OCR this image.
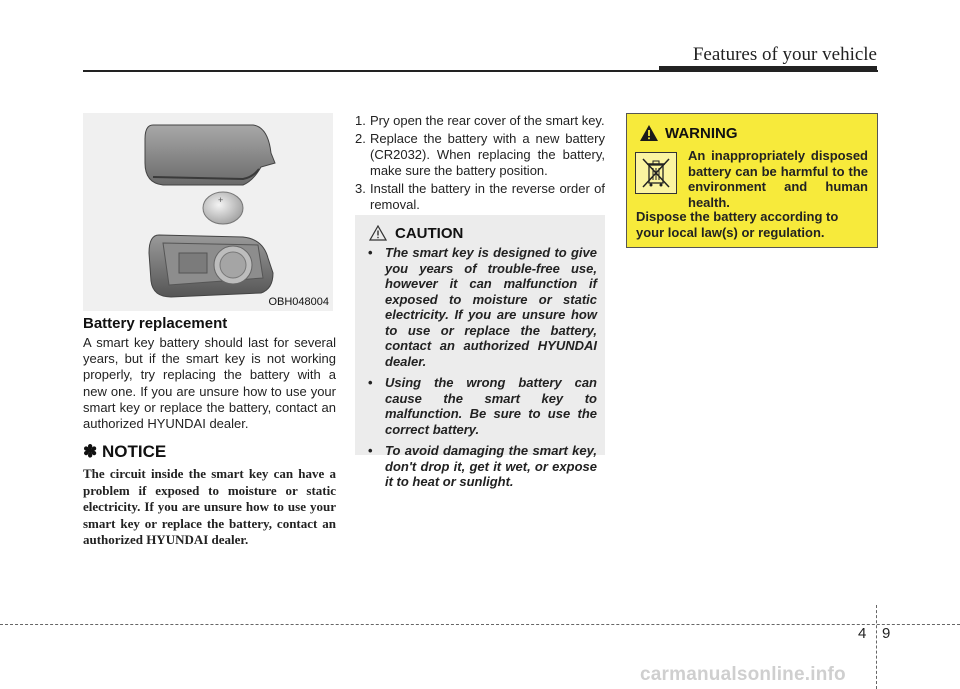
Features of your vehicle
+
OBH048004
Battery replacement
A smart key battery should last for several years, but if the smart key is not working properly, try replacing the battery with a new one. If you are unsure how to use your smart key or replace the battery, contact an authorized HYUNDAI dealer.
✽ NOTICE
The circuit inside the smart key can have a problem if exposed to moisture or static electricity. If you are unsure how to use your smart key or replace the battery, contact an authorized HYUNDAI dealer.
1. Pry open the rear cover of the smart key.
2. Replace the battery with a new battery (CR2032). When replacing the battery, make sure the battery position.
3. Install the battery in the reverse order of removal.
CAUTION
• The smart key is designed to give you years of trouble-free use, however it can malfunction if exposed to moisture or static electricity. If you are unsure how to use or replace the battery, contact an authorized HYUNDAI dealer.
• Using the wrong battery can cause the smart key to malfunction. Be sure to use the correct battery.
• To avoid damaging the smart key, don't drop it, get it wet, or expose it to heat or sunlight.
WARNING
An inappropriately disposed battery can be harmful to the environment and human health.
Dispose the battery according to your local law(s) or regulation.
4 9
carmanualsonline.info
